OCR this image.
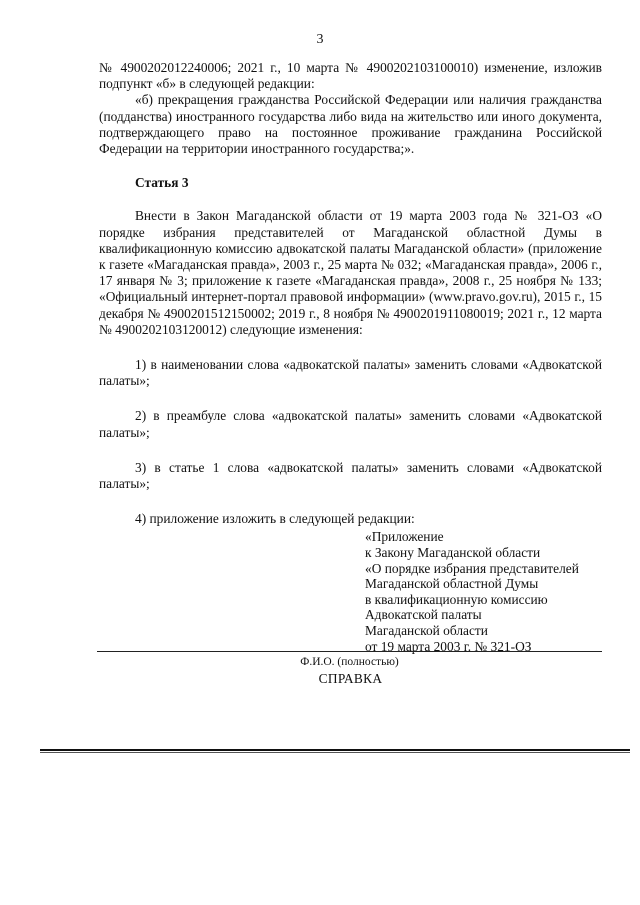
3

№ 4900202012240006; 2021 г., 10 марта № 4900202103100010) изменение, изложив подпункт «б» в следующей редакции:

«б) прекращения гражданства Российской Федерации или наличия гражданства (подданства) иностранного государства либо вида на жительство или иного документа, подтверждающего право на постоянное проживание гражданина Российской Федерации на территории иностранного государства;».

Статья 3

Внести в Закон Магаданской области от 19 марта 2003 года № 321-ОЗ «О порядке избрания представителей от Магаданской областной Думы в квалификационную комиссию адвокатской палаты Магаданской области» (приложение к газете «Магаданская правда», 2003 г., 25 марта № 032; «Магаданская правда», 2006 г., 17 января № 3; приложение к газете «Магаданская правда», 2008 г., 25 ноября № 133; «Официальный интернет-портал правовой информации» (www.pravo.gov.ru), 2015 г., 15 декабря № 4900201512150002; 2019 г., 8 ноября № 4900201911080019; 2021 г., 12 марта № 4900202103120012) следующие изменения:

1) в наименовании слова «адвокатской палаты» заменить словами «Адвокатской палаты»;

2) в преамбуле слова «адвокатской палаты» заменить словами «Адвокатской палаты»;

3) в статье 1 слова «адвокатской палаты» заменить словами «Адвокатской палаты»;

4) приложение изложить в следующей редакции:

«Приложение
к Закону Магаданской области
«О порядке избрания представителей
Магаданской областной Думы
в квалификационную комиссию
Адвокатской палаты
Магаданской области
от 19 марта 2003 г. № 321-ОЗ
СПРАВКА
Ф.И.О. (полностью)
